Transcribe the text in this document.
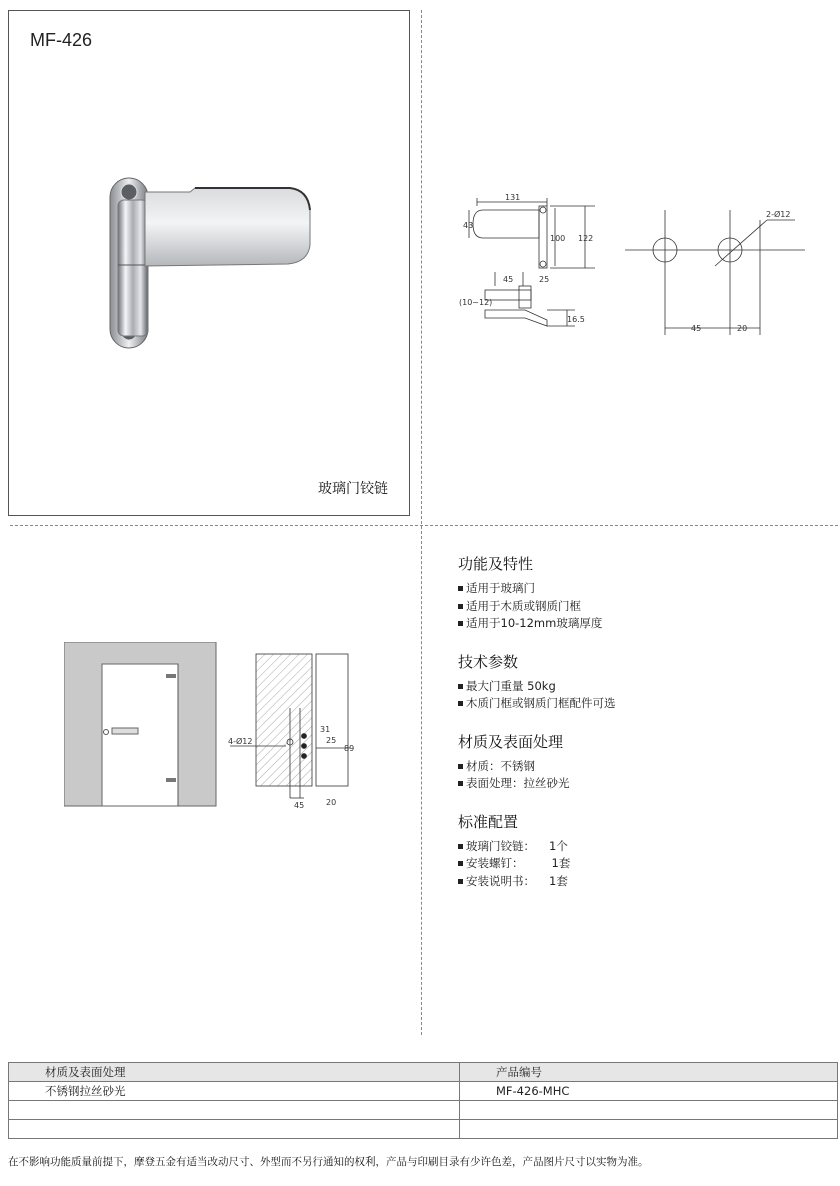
MF-426
玻璃门铰链
131
43
100 122
45	25
(10~12)
16.5
2-Ø12
45	20
4-Ø12
31
25
89
45	20
功能及特性
适用于玻璃门
适用于木质或钢质门框
适用于10-12mm玻璃厚度
技术参数
最大门重量 50kg
木质门框或钢质门框配件可选
材质及表面处理
材质：不锈钢
表面处理：拉丝砂光
标准配置
玻璃门铰链： 1个
安装螺钉： 1套
安装说明书： 1套
材质及表面处理	产品编号
不锈钢拉丝砂光	MF-426-MHC

在不影响功能质量前提下，摩登五金有适当改动尺寸、外型而不另行通知的权利，产品与印刷目录有少许色差，产品图片尺寸以实物为准。
